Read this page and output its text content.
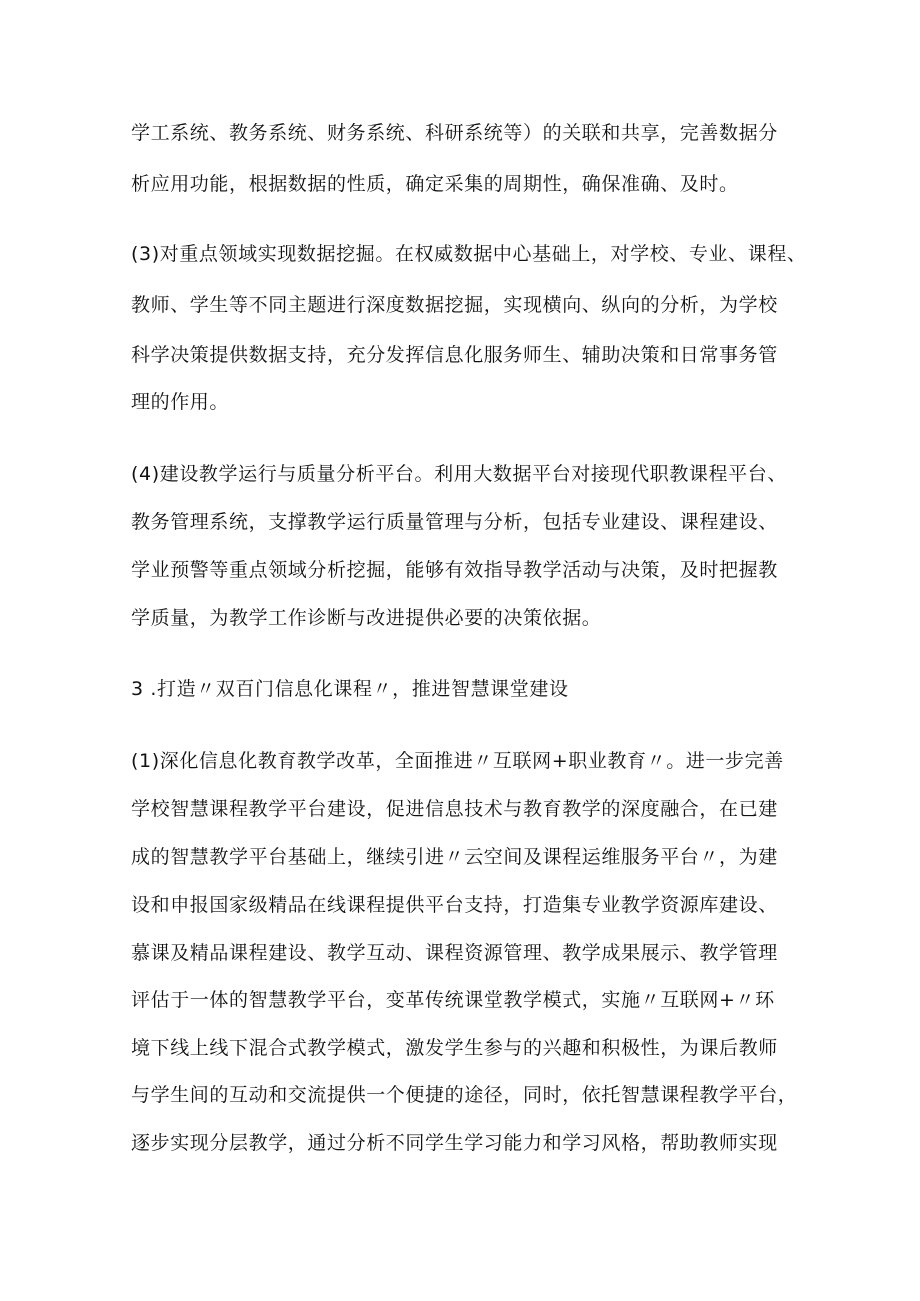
学工系统、教务系统、财务系统、科研系统等）的关联和共享，完善数据分
析应用功能，根据数据的性质，确定采集的周期性，确保准确、及时。
(3)对重点领域实现数据挖掘。在权威数据中心基础上，对学校、专业、课程、
教师、学生等不同主题进行深度数据挖掘，实现横向、纵向的分析，为学校
科学决策提供数据支持，充分发挥信息化服务师生、辅助决策和日常事务管
理的作用。
(4)建设教学运行与质量分析平台。利用大数据平台对接现代职教课程平台、
教务管理系统，支撑教学运行质量管理与分析，包括专业建设、课程建设、
学业预警等重点领域分析挖掘，能够有效指导教学活动与决策，及时把握教
学质量，为教学工作诊断与改进提供必要的决策依据。
3 .打造〃双百门信息化课程〃，推进智慧课堂建设
(1)深化信息化教育教学改革，全面推进〃互联网+职业教育〃。进一步完善
学校智慧课程教学平台建设，促进信息技术与教育教学的深度融合，在已建
成的智慧教学平台基础上，继续引进〃云空间及课程运维服务平台〃，为建
设和申报国家级精品在线课程提供平台支持，打造集专业教学资源库建设、
慕课及精品课程建设、教学互动、课程资源管理、教学成果展示、教学管理
评估于一体的智慧教学平台，变革传统课堂教学模式，实施〃互联网+〃环
境下线上线下混合式教学模式，激发学生参与的兴趣和积极性，为课后教师
与学生间的互动和交流提供一个便捷的途径，同时，依托智慧课程教学平台，
逐步实现分层教学，通过分析不同学生学习能力和学习风格，帮助教师实现
